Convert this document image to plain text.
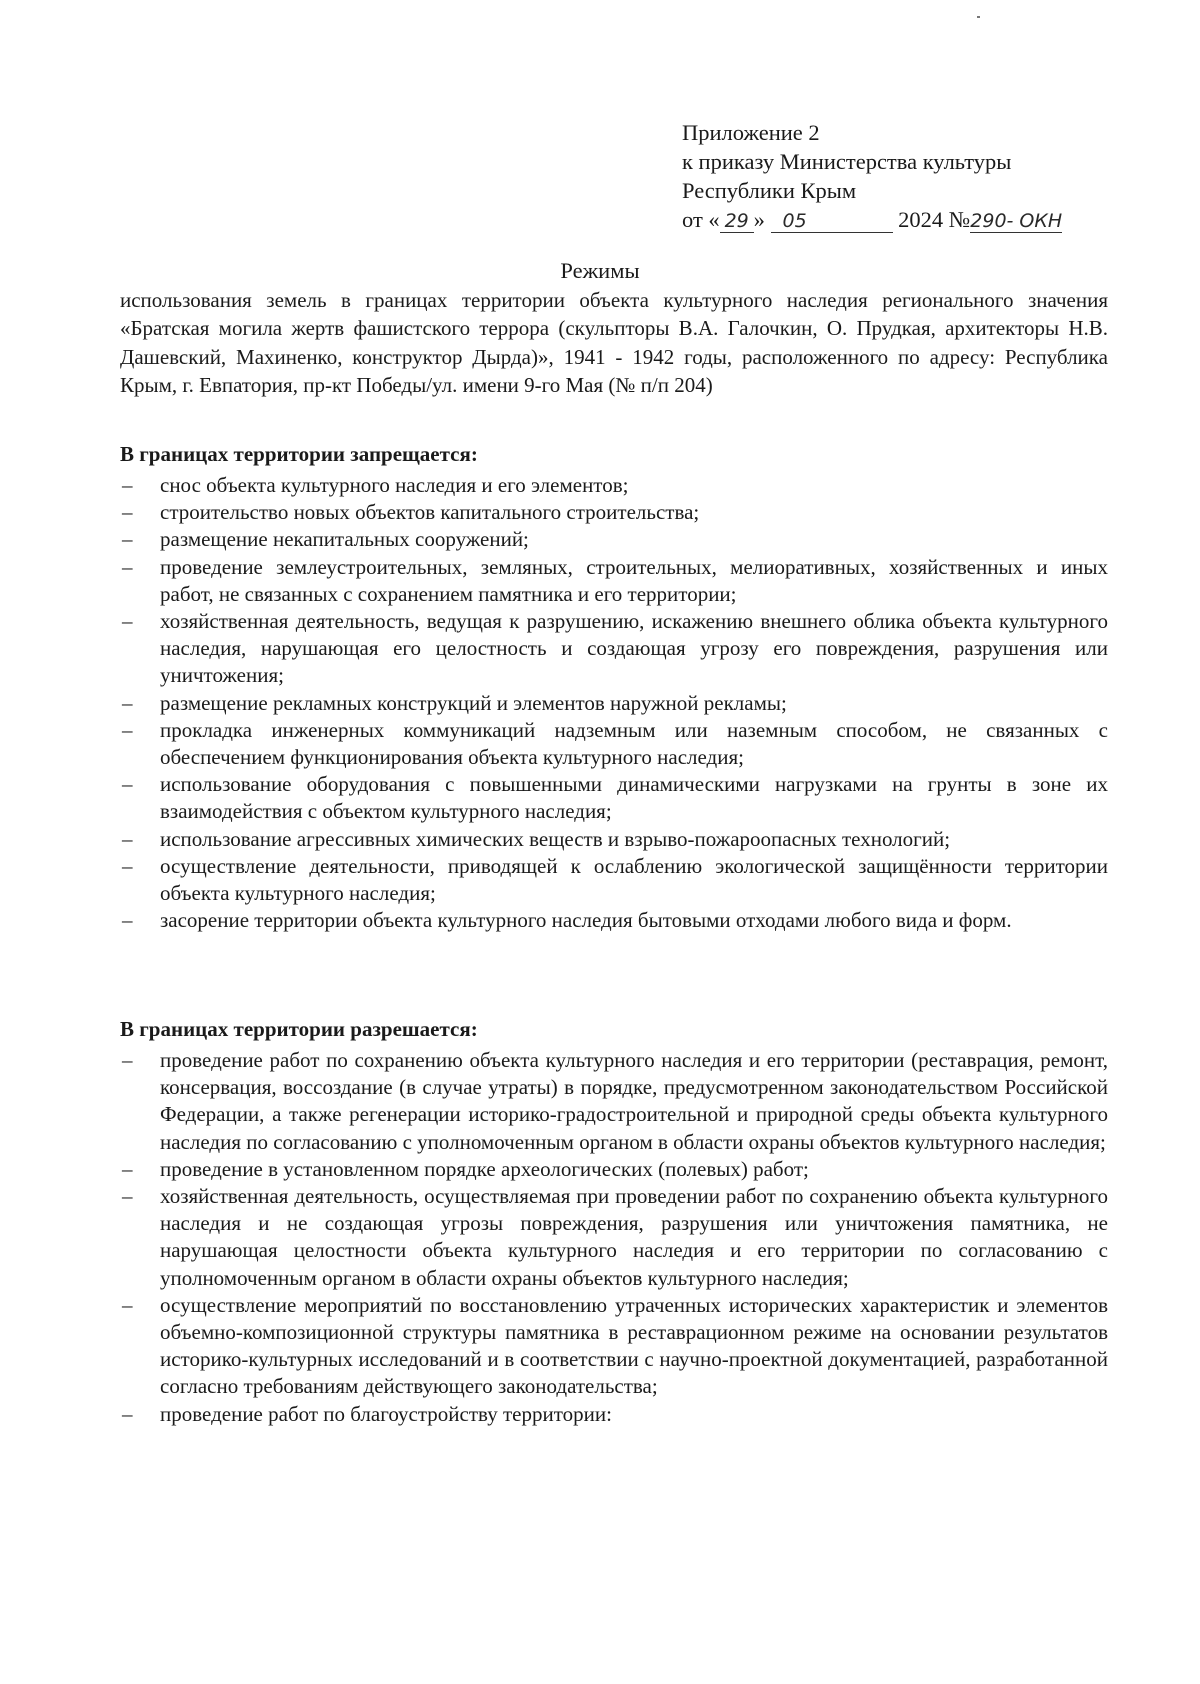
Приложение 2
к приказу Министерства культуры
Республики Крым
от « 29 » 05	2024 №290- ОКН
Режимы
использования земель в границах территории объекта культурного наследия регионального значения «Братская могила жертв фашистского террора (скульпторы В.А. Галочкин, О. Прудкая, архитекторы Н.В. Дашевский, Махиненко, конструктор Дырда)», 1941 - 1942 годы, расположенного по адресу: Республика Крым, г. Евпатория, пр-кт Победы/ул. имени 9-го Мая (№ п/п 204)
В границах территории запрещается:
– снос объекта культурного наследия и его элементов;
– строительство новых объектов капитального строительства;
– размещение некапитальных сооружений;
– проведение землеустроительных, земляных, строительных, мелиоративных, хозяйственных и иных работ, не связанных с сохранением памятника и его территории;
– хозяйственная деятельность, ведущая к разрушению, искажению внешнего облика объекта культурного наследия, нарушающая его целостность и создающая угрозу его повреждения, разрушения или уничтожения;
– размещение рекламных конструкций и элементов наружной рекламы;
– прокладка инженерных коммуникаций надземным или наземным способом, не связанных с обеспечением функционирования объекта культурного наследия;
– использование оборудования с повышенными динамическими нагрузками на грунты в зоне их взаимодействия с объектом культурного наследия;
– использование агрессивных химических веществ и взрыво-пожароопасных технологий;
– осуществление деятельности, приводящей к ослаблению экологической защищённости территории объекта культурного наследия;
– засорение территории объекта культурного наследия бытовыми отходами любого вида и форм.
В границах территории разрешается:
– проведение работ по сохранению объекта культурного наследия и его территории (реставрация, ремонт, консервация, воссоздание (в случае утраты) в порядке, предусмотренном законодательством Российской Федерации, а также регенерации историко-градостроительной и природной среды объекта культурного наследия по согласованию с уполномоченным органом в области охраны объектов культурного наследия;
– проведение в установленном порядке археологических (полевых) работ;
– хозяйственная деятельность, осуществляемая при проведении работ по сохранению объекта культурного наследия и не создающая угрозы повреждения, разрушения или уничтожения памятника, не нарушающая целостности объекта культурного наследия и его территории по согласованию с уполномоченным органом в области охраны объектов культурного наследия;
– осуществление мероприятий по восстановлению утраченных исторических характеристик и элементов объемно-композиционной структуры памятника в реставрационном режиме на основании результатов историко-культурных исследований и в соответствии с научно-проектной документацией, разработанной согласно требованиям действующего законодательства;
– проведение работ по благоустройству территории:
